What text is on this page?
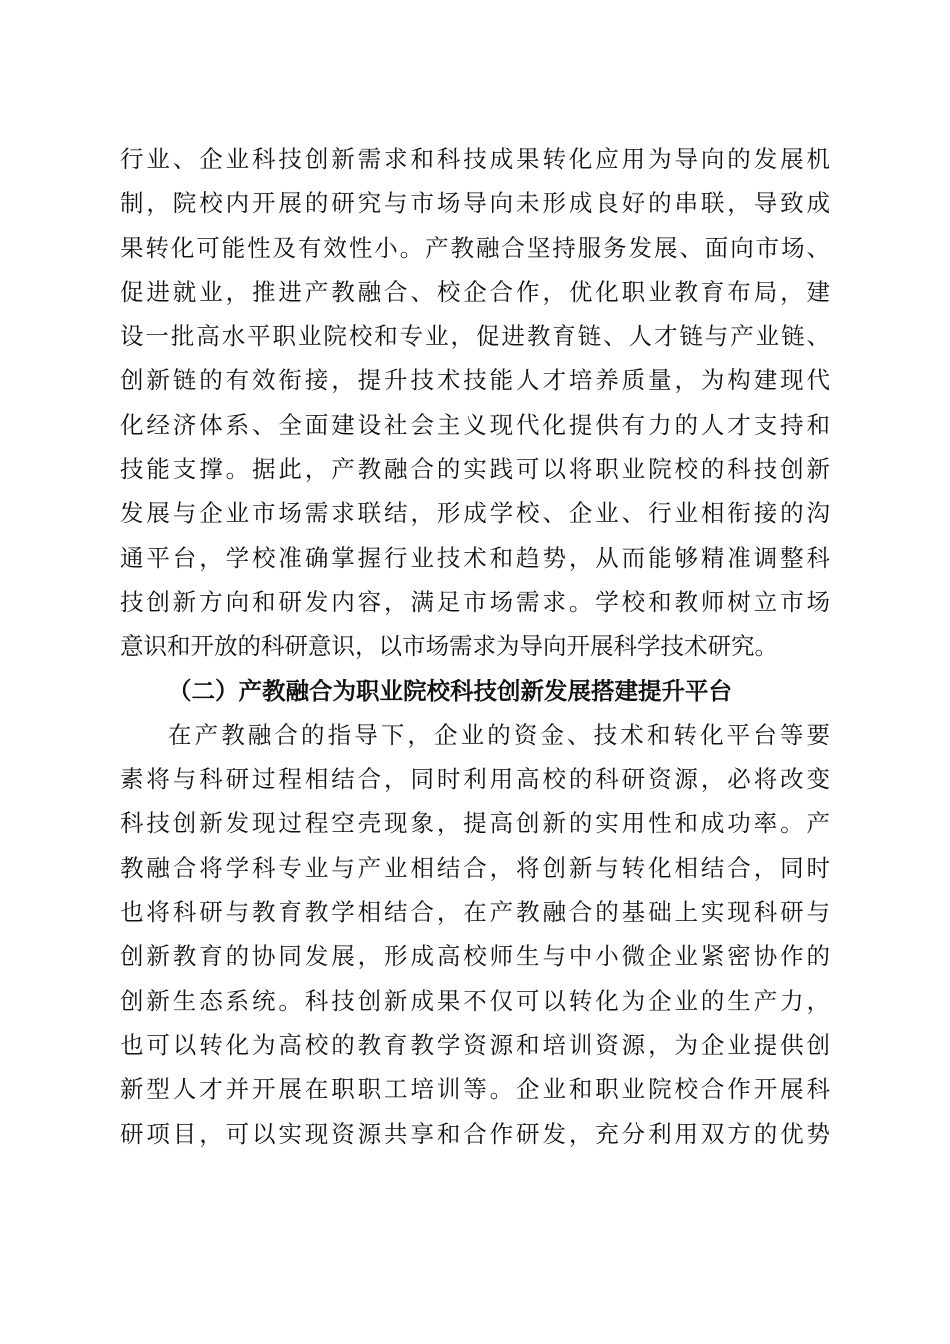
行业、企业科技创新需求和科技成果转化应用为导向的发展机
制，院校内开展的研究与市场导向未形成良好的串联，导致成
果转化可能性及有效性小。产教融合坚持服务发展、面向市场、
促进就业，推进产教融合、校企合作，优化职业教育布局，建
设一批高水平职业院校和专业，促进教育链、人才链与产业链、
创新链的有效衔接，提升技术技能人才培养质量，为构建现代
化经济体系、全面建设社会主义现代化提供有力的人才支持和
技能支撑。据此，产教融合的实践可以将职业院校的科技创新
发展与企业市场需求联结，形成学校、企业、行业相衔接的沟
通平台，学校准确掌握行业技术和趋势，从而能够精准调整科
技创新方向和研发内容，满足市场需求。学校和教师树立市场
意识和开放的科研意识，以市场需求为导向开展科学技术研究。
（二）产教融合为职业院校科技创新发展搭建提升平台
在产教融合的指导下，企业的资金、技术和转化平台等要
素将与科研过程相结合，同时利用高校的科研资源，必将改变
科技创新发现过程空壳现象，提高创新的实用性和成功率。产
教融合将学科专业与产业相结合，将创新与转化相结合，同时
也将科研与教育教学相结合，在产教融合的基础上实现科研与
创新教育的协同发展，形成高校师生与中小微企业紧密协作的
创新生态系统。科技创新成果不仅可以转化为企业的生产力，
也可以转化为高校的教育教学资源和培训资源，为企业提供创
新型人才并开展在职职工培训等。企业和职业院校合作开展科
研项目，可以实现资源共享和合作研发，充分利用双方的优势
